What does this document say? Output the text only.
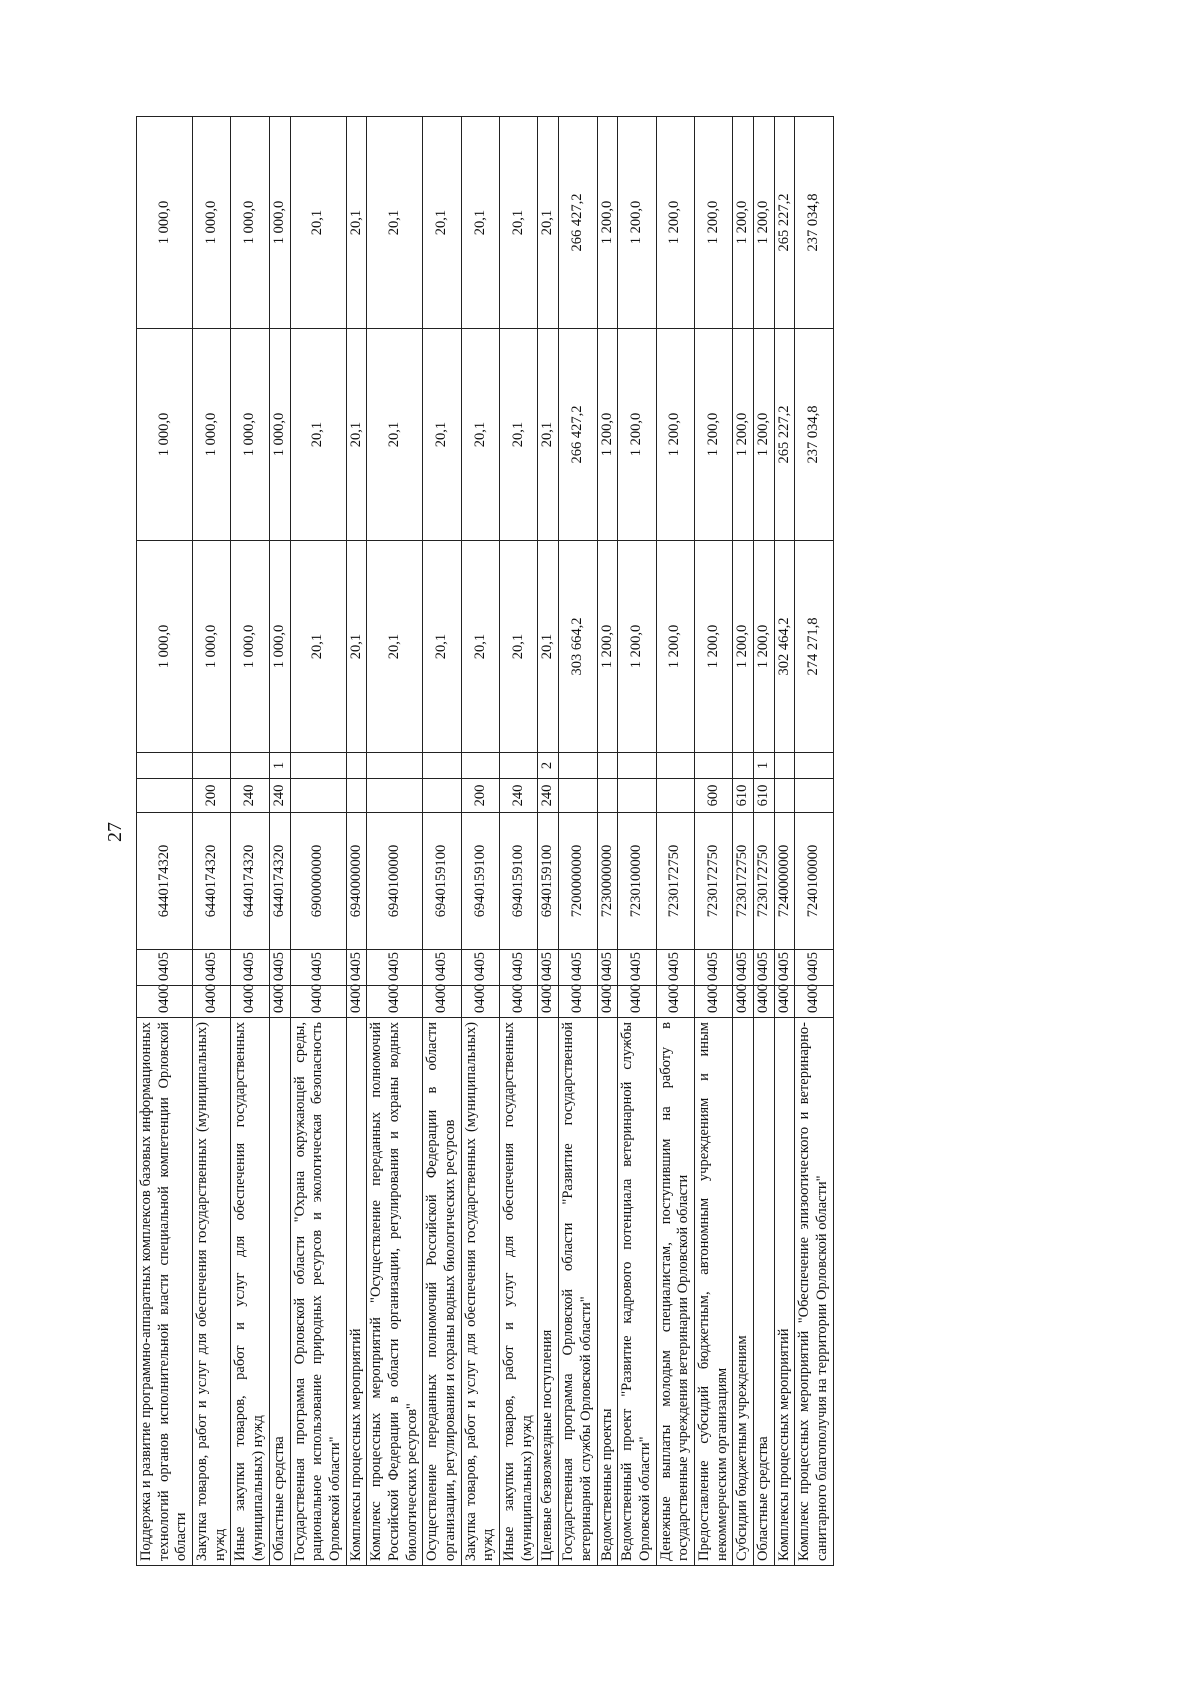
27
Поддержка и развитие программно-аппаратных комплексов базовых информационных технологий органов исполнительной власти специальной компетенции Орловской области	0400	0405	6440174320			1 000,0	1 000,0	1 000,0
Закупка товаров, работ и услуг для обеспечения государственных (муниципальных) нужд	0400	0405	6440174320	200		1 000,0	1 000,0	1 000,0
Иные закупки товаров, работ и услуг для обеспечения государственных (муниципальных) нужд	0400	0405	6440174320	240		1 000,0	1 000,0	1 000,0
Областные средства	0400	0405	6440174320	240	1	1 000,0	1 000,0	1 000,0
Государственная программа Орловской области "Охрана окружающей среды, рациональное использование природных ресурсов и экологическая безопасность Орловской области"	0400	0405	6900000000			20,1	20,1	20,1
Комплексы процессных мероприятий	0400	0405	6940000000			20,1	20,1	20,1
Комплекс процессных мероприятий "Осуществление переданных полномочий Российской Федерации в области организации, регулирования и охраны водных биологических ресурсов"	0400	0405	6940100000			20,1	20,1	20,1
Осуществление переданных полномочий Российской Федерации в области организации, регулирования и охраны водных биологических ресурсов	0400	0405	6940159100			20,1	20,1	20,1
Закупка товаров, работ и услуг для обеспечения государственных (муниципальных) нужд	0400	0405	6940159100	200		20,1	20,1	20,1
Иные закупки товаров, работ и услуг для обеспечения государственных (муниципальных) нужд	0400	0405	6940159100	240		20,1	20,1	20,1
Целевые безвозмездные поступления	0400	0405	6940159100	240	2	20,1	20,1	20,1
Государственная программа Орловской области "Развитие государственной ветеринарной службы Орловской области"	0400	0405	7200000000			303 664,2	266 427,2	266 427,2
Ведомственные проекты	0400	0405	7230000000			1 200,0	1 200,0	1 200,0
Ведомственный проект "Развитие кадрового потенциала ветеринарной службы Орловской области"	0400	0405	7230100000			1 200,0	1 200,0	1 200,0
Денежные выплаты молодым специалистам, поступившим на работу в государственные учреждения ветеринарии Орловской области	0400	0405	7230172750			1 200,0	1 200,0	1 200,0
Предоставление субсидий бюджетным, автономным учреждениям и иным некоммерческим организациям	0400	0405	7230172750	600		1 200,0	1 200,0	1 200,0
Субсидии бюджетным учреждениям	0400	0405	7230172750	610		1 200,0	1 200,0	1 200,0
Областные средства	0400	0405	7230172750	610	1	1 200,0	1 200,0	1 200,0
Комплексы процессных мероприятий	0400	0405	7240000000			302 464,2	265 227,2	265 227,2
Комплекс процессных мероприятий "Обеспечение эпизоотического и ветеринарно-санитарного благополучия на территории Орловской области"	0400	0405	7240100000			274 271,8	237 034,8	237 034,8
